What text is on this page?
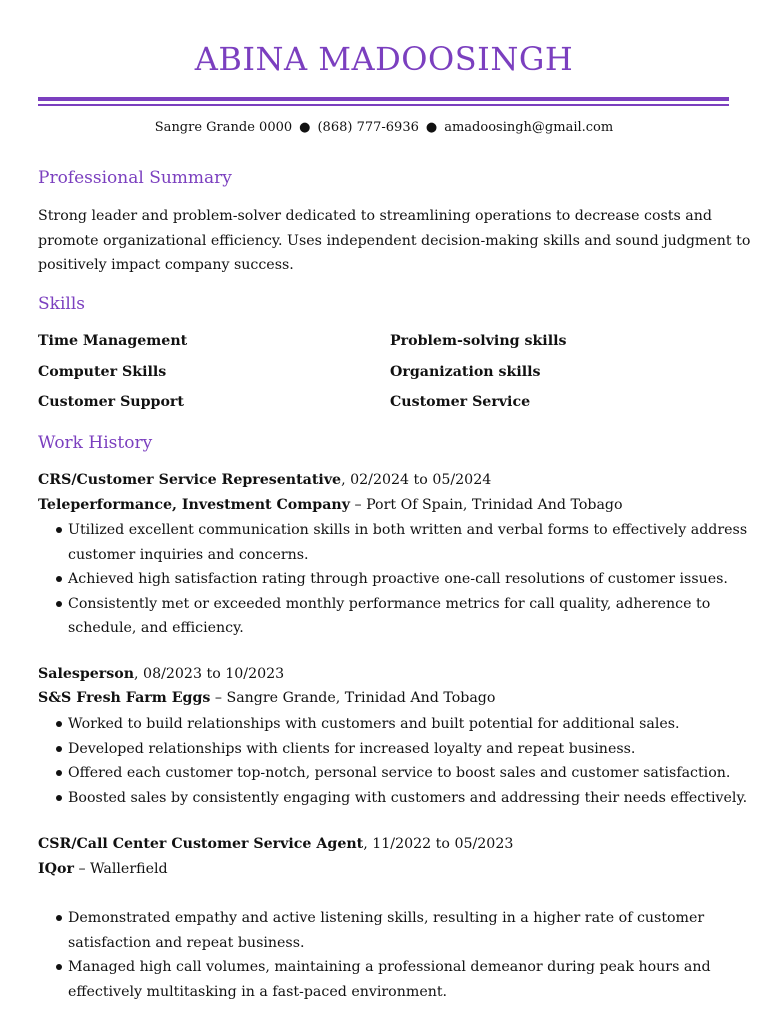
ABINA MADOOSINGH
Sangre Grande 0000 ● (868) 777-6936 ● amadoosingh@gmail.com
Professional Summary
Strong leader and problem-solver dedicated to streamlining operations to decrease costs and
promote organizational efficiency. Uses independent decision-making skills and sound judgment to
positively impact company success.
Skills
Time Management	Problem-solving skills
Computer Skills	Organization skills
Customer Support	Customer Service
Work History
CRS/Customer Service Representative, 02/2024 to 05/2024
Teleperformance, Investment Company – Port Of Spain, Trinidad And Tobago
Utilized excellent communication skills in both written and verbal forms to effectively address
customer inquiries and concerns.
Achieved high satisfaction rating through proactive one-call resolutions of customer issues.
Consistently met or exceeded monthly performance metrics for call quality, adherence to
schedule, and efficiency.
Salesperson, 08/2023 to 10/2023
S&S Fresh Farm Eggs – Sangre Grande, Trinidad And Tobago
Worked to build relationships with customers and built potential for additional sales.
Developed relationships with clients for increased loyalty and repeat business.
Offered each customer top-notch, personal service to boost sales and customer satisfaction.
Boosted sales by consistently engaging with customers and addressing their needs effectively.
CSR/Call Center Customer Service Agent, 11/2022 to 05/2023
IQor – Wallerfield
Demonstrated empathy and active listening skills, resulting in a higher rate of customer
satisfaction and repeat business.
Managed high call volumes, maintaining a professional demeanor during peak hours and
effectively multitasking in a fast-paced environment.
